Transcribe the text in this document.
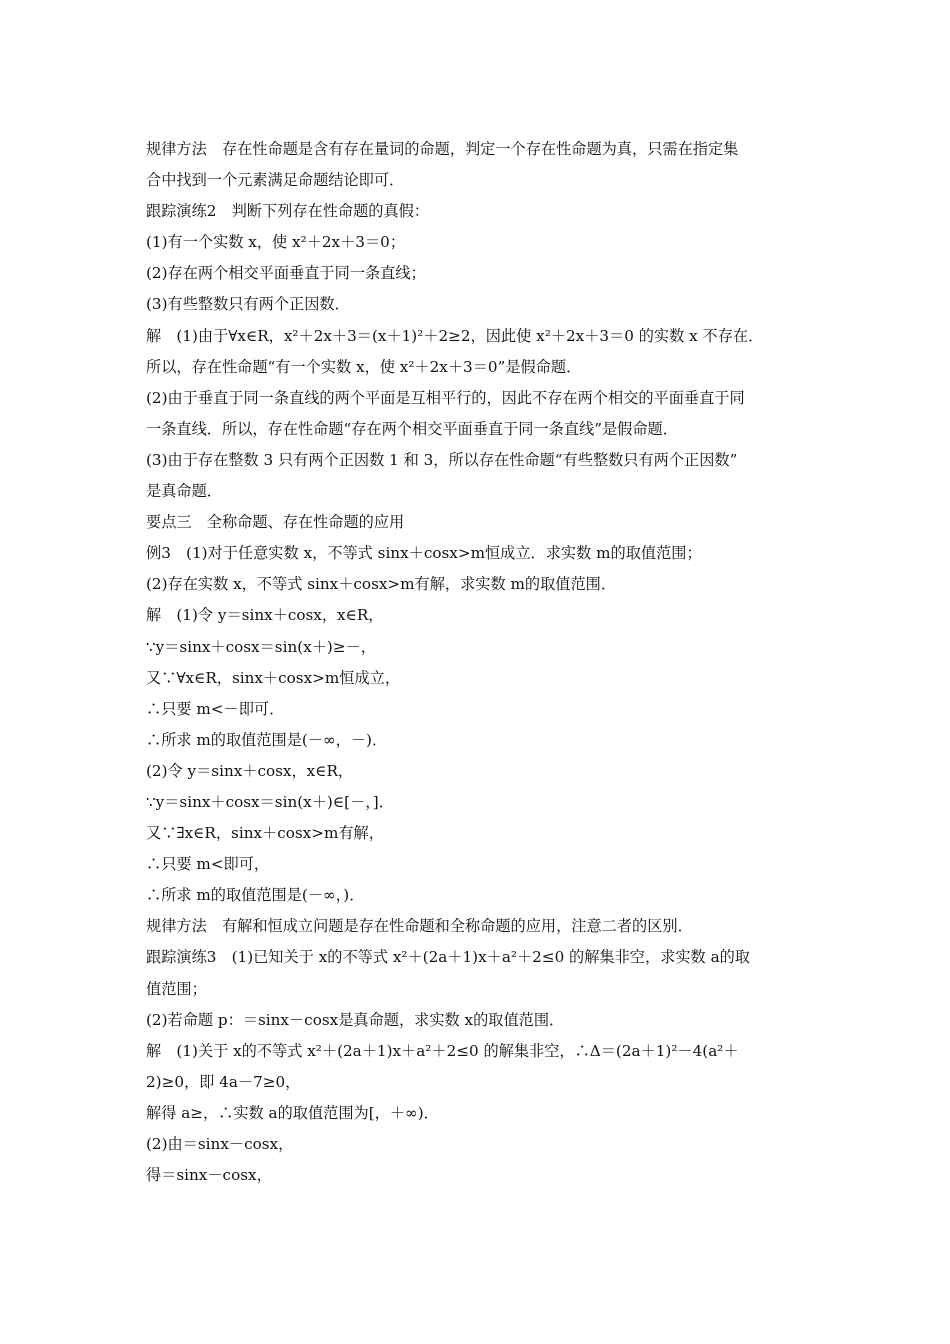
规律方法　存在性命题是含有存在量词的命题，判定一个存在性命题为真，只需在指定集
合中找到一个元素满足命题结论即可．
跟踪演练2　判断下列存在性命题的真假：
(1)有一个实数 x，使 x²＋2x＋3＝0；
(2)存在两个相交平面垂直于同一条直线；
(3)有些整数只有两个正因数．
解　(1)由于∀x∈R，x²＋2x＋3＝(x＋1)²＋2≥2，因此使 x²＋2x＋3＝0 的实数 x 不存在．
所以，存在性命题“有一个实数 x，使 x²＋2x＋3＝0”是假命题．
(2)由于垂直于同一条直线的两个平面是互相平行的，因此不存在两个相交的平面垂直于同
一条直线．所以，存在性命题“存在两个相交平面垂直于同一条直线”是假命题．
(3)由于存在整数 3 只有两个正因数 1 和 3，所以存在性命题“有些整数只有两个正因数”
是真命题．
要点三　全称命题、存在性命题的应用
例3　(1)对于任意实数 x，不等式 sinx＋cosx>m恒成立．求实数 m的取值范围；
(2)存在实数 x，不等式 sinx＋cosx>m有解，求实数 m的取值范围．
解　(1)令 y＝sinx＋cosx，x∈R，
∵y＝sinx＋cosx＝sin(x＋)≥－，
又∵∀x∈R，sinx＋cosx>m恒成立，
∴只要 m<－即可．
∴所求 m的取值范围是(－∞，－)．
(2)令 y＝sinx＋cosx，x∈R，
∵y＝sinx＋cosx＝sin(x＋)∈[－，]．
又∵∃x∈R，sinx＋cosx>m有解，
∴只要 m<即可，
∴所求 m的取值范围是(－∞，)．
规律方法　有解和恒成立问题是存在性命题和全称命题的应用，注意二者的区别．
跟踪演练3　(1)已知关于 x的不等式 x²＋(2a＋1)x＋a²＋2≤0 的解集非空，求实数 a的取
值范围；
(2)若命题 p：＝sinx－cosx是真命题，求实数 x的取值范围．
解　(1)关于 x的不等式 x²＋(2a＋1)x＋a²＋2≤0 的解集非空，∴Δ＝(2a＋1)²－4(a²＋
2)≥0，即 4a－7≥0，
解得 a≥，∴实数 a的取值范围为[，＋∞)．
(2)由＝sinx－cosx，
得＝sinx－cosx，
